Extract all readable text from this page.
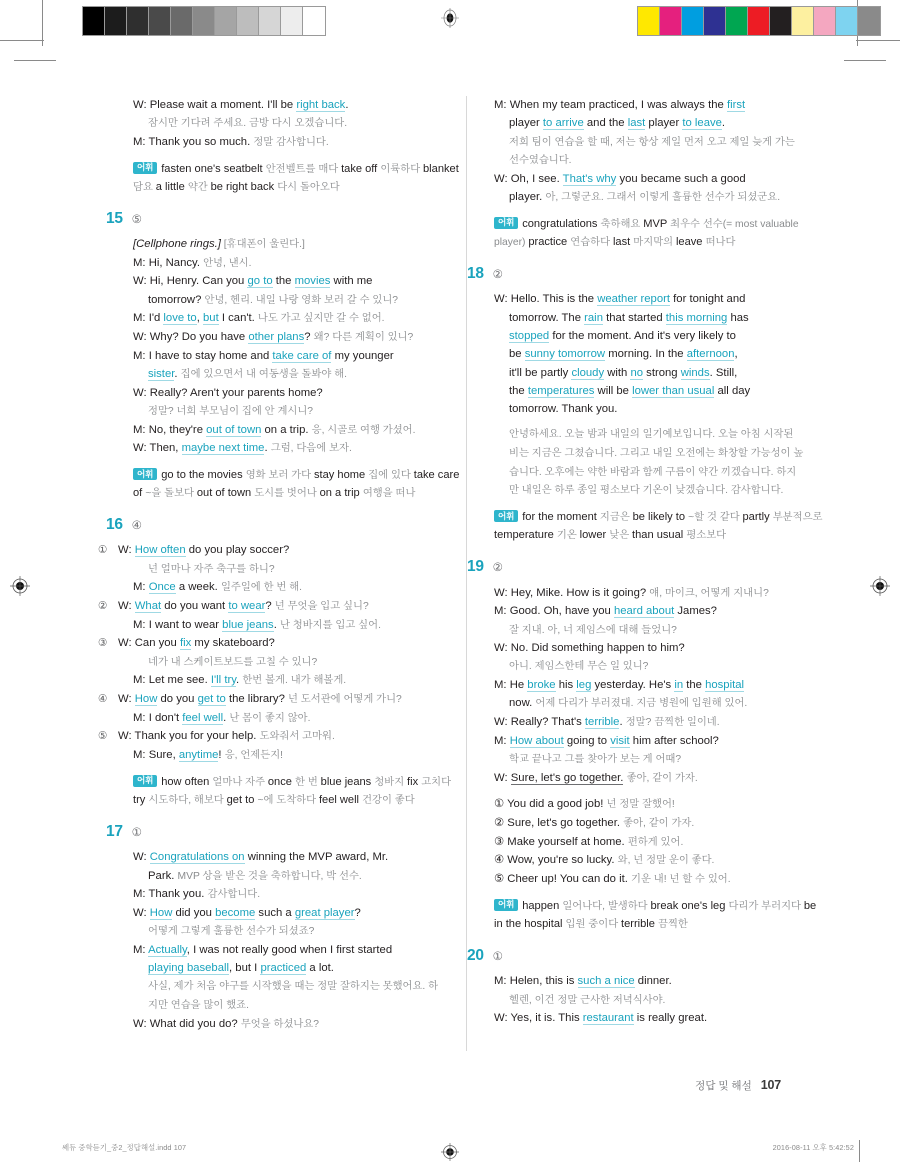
W: Please wait a moment. I'll be right back.
잠시만 기다려 주세요. 금방 다시 오겠습니다.
M: Thank you so much. 정말 감사합니다.
어휘 fasten one's seatbelt 안전벨트를 매다 take off 이륙하다 blanket 담요 a little 약간 be right back 다시 돌아오다
15 ⑤
[Cellphone rings.] [휴대폰이 울린다.]
M: Hi, Nancy. 안녕, 낸시.
W: Hi, Henry. Can you go to the movies with me
tomorrow? 안녕, 헨리. 내일 나랑 영화 보러 갈 수 있니?
M: I'd love to, but I can't. 나도 가고 싶지만 갈 수 없어.
W: Why? Do you have other plans? 왜? 다른 계획이 있니?
M: I have to stay home and take care of my younger
sister. 집에 있으면서 내 여동생을 돌봐야 해.
W: Really? Aren't your parents home?
정말? 너희 부모님이 집에 안 계시니?
M: No, they're out of town on a trip. 응, 시골로 여행 가셨어.
W: Then, maybe next time. 그럼, 다음에 보자.
어휘 go to the movies 영화 보러 가다 stay home 집에 있다 take care of ~을 돌보다 out of town 도시를 벗어나 on a trip 여행을 떠나
16 ④
① W: How often do you play soccer?
넌 얼마나 자주 축구를 하니?
M: Once a week. 일주일에 한 번 해.
② W: What do you want to wear? 넌 무엇을 입고 싶니?
M: I want to wear blue jeans. 난 청바지를 입고 싶어.
③ W: Can you fix my skateboard?
네가 내 스케이트보드를 고칠 수 있니?
M: Let me see. I'll try. 한번 볼게. 내가 해볼게.
④ W: How do you get to the library? 넌 도서관에 어떻게 가니?
M: I don't feel well. 난 몸이 좋지 않아.
⑤ W: Thank you for your help. 도와줘서 고마워.
M: Sure, anytime! 응, 언제든지!
어휘 how often 얼마나 자주 once 한 번 blue jeans 청바지 fix 고치다 try 시도하다, 해보다 get to ~에 도착하다 feel well 건강이 좋다
17 ①
W: Congratulations on winning the MVP award, Mr.
Park. MVP 상을 받은 것을 축하합니다, 박 선수.
M: Thank you. 감사합니다.
W: How did you become such a great player?
어떻게 그렇게 훌륭한 선수가 되셨죠?
M: Actually, I was not really good when I first started
playing baseball, but I practiced a lot.
사실, 제가 처음 야구를 시작했을 때는 정말 잘하지는 못했어요. 하
지만 연습을 많이 했죠.
W: What did you do? 무엇을 하셨나요?
M: When my team practiced, I was always the first
player to arrive and the last player to leave.
저희 팀이 연습을 할 때, 저는 항상 제일 먼저 오고 제일 늦게 가는
선수였습니다.
W: Oh, I see. That's why you became such a good
player. 아, 그렇군요. 그래서 이렇게 훌륭한 선수가 되셨군요.
어휘 congratulations 축하해요 MVP 최우수 선수(= most valuable player) practice 연습하다 last 마지막의 leave 떠나다
18 ②
W: Hello. This is the weather report for tonight and
tomorrow. The rain that started this morning has
stopped for the moment. And it's very likely to
be sunny tomorrow morning. In the afternoon,
it'll be partly cloudy with no strong winds. Still,
the temperatures will be lower than usual all day
tomorrow. Thank you.
안녕하세요. 오늘 밤과 내일의 일기예보입니다. 오늘 아침 시작된
비는 지금은 그쳤습니다. 그리고 내일 오전에는 화창할 가능성이 높
습니다. 오후에는 약한 바람과 함께 구름이 약간 끼겠습니다. 하지
만 내일은 하루 종일 평소보다 기온이 낮겠습니다. 감사합니다.
어휘 for the moment 지금은 be likely to ~할 것 같다 partly 부분적으로 temperature 기온 lower 낮은 than usual 평소보다
19 ②
W: Hey, Mike. How is it going? 얘, 마이크, 어떻게 지내니?
M: Good. Oh, have you heard about James?
잘 지내. 아, 너 제임스에 대해 들었니?
W: No. Did something happen to him?
아니. 제임스한테 무슨 일 있니?
M: He broke his leg yesterday. He's in the hospital
now. 어제 다리가 부러졌대. 지금 병원에 입원해 있어.
W: Really? That's terrible. 정말? 끔찍한 일이네.
M: How about going to visit him after school?
학교 끝나고 그를 찾아가 보는 게 어때?
W: Sure, let's go together. 좋아, 같이 가자.
① You did a good job! 넌 정말 잘했어!
② Sure, let's go together. 좋아, 같이 가자.
③ Make yourself at home. 편하게 있어.
④ Wow, you're so lucky. 와, 넌 정말 운이 좋다.
⑤ Cheer up! You can do it. 기운 내! 넌 할 수 있어.
어휘 happen 일어나다, 발생하다 break one's leg 다리가 부러지다 be in the hospital 입원 중이다 terrible 끔찍한
20 ①
M: Helen, this is such a nice dinner.
헬렌, 이건 정말 근사한 저녁식사야.
W: Yes, it is. This restaurant is really great.
정답 및 해설 107
쎄듀 중학듣기_중2_정답해설.indd 107	2016-08-11 오후 5:42:52
